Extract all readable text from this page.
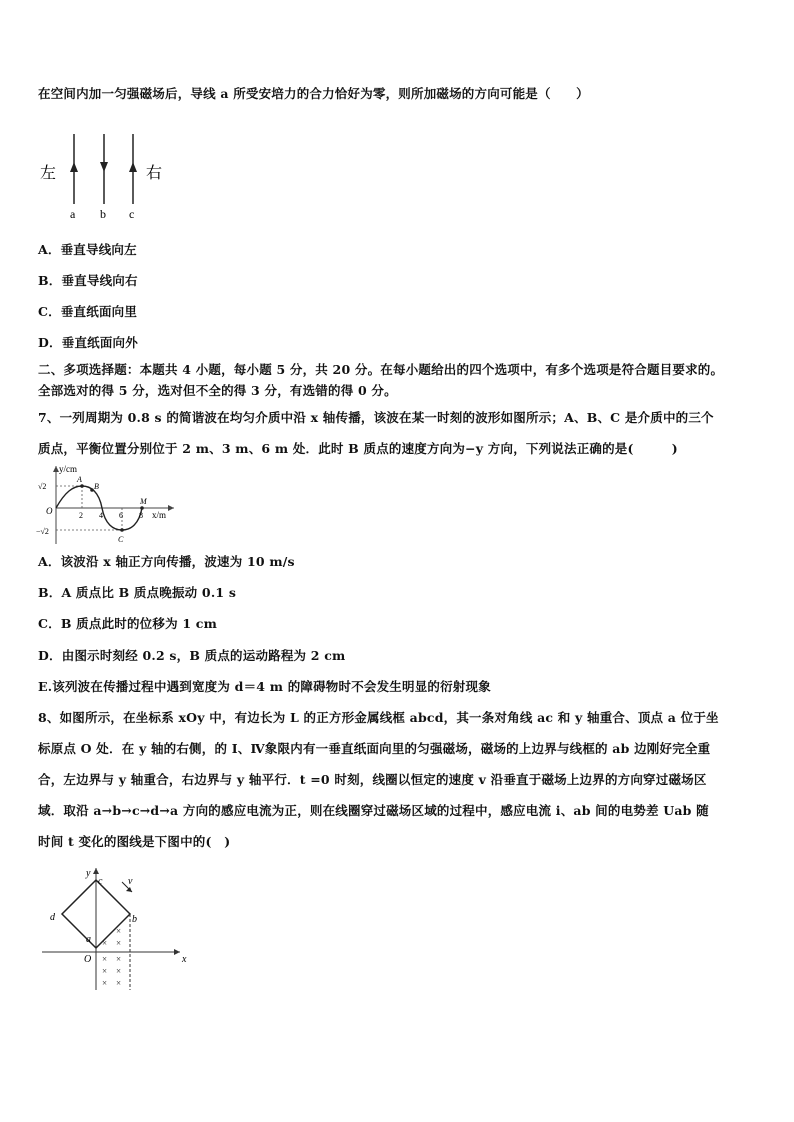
在空间内加一匀强磁场后，导线 a 所受安培力的合力恰好为零，则所加磁场的方向可能是（　　）
左	右
a b c
A．垂直导线向左
B．垂直导线向右
C．垂直纸面向里
D．垂直纸面向外
二、多项选择题：本题共 4 小题，每小题 5 分，共 20 分。在每小题给出的四个选项中，有多个选项是符合题目要求的。
全部选对的得 5 分，选对但不全的得 3 分，有选错的得 0 分。
7、一列周期为 0.8 s 的简谐波在均匀介质中沿 x 轴传播，该波在某一时刻的波形如图所示；A、B、C 是介质中的三个
质点，平衡位置分别位于 2 m、3 m、6 m 处．此时 B 质点的速度方向为−y 方向，下列说法正确的是(　　　)
y/cm
x/m
√2
−√2
O	2 4 6 8
A
B
C
M
A．该波沿 x 轴正方向传播，波速为 10 m/s
B．A 质点比 B 质点晚振动 0.1 s
C．B 质点此时的位移为 1 cm
D．由图示时刻经 0.2 s，B 质点的运动路程为 2 cm
E.该列波在传播过程中遇到宽度为 d＝4 m 的障碍物时不会发生明显的衍射现象
8、如图所示，在坐标系 xOy 中，有边长为 L 的正方形金属线框 abcd，其一条对角线 ac 和 y 轴重合、顶点 a 位于坐
标原点 O 处．在 y 轴的右侧，的 Ⅰ、Ⅳ象限内有一垂直纸面向里的匀强磁场，磁场的上边界与线框的 ab 边刚好完全重
合，左边界与 y 轴重合，右边界与 y 轴平行．t =0 时刻，线圈以恒定的速度 v 沿垂直于磁场上边界的方向穿过磁场区
域．取沿 a→b→c→d→a 方向的感应电流为正，则在线圈穿过磁场区域的过程中，感应电流 i、ab 间的电势差 Uab 随
时间 t 变化的图线是下图中的(　)
y
x
O
a
b
c
d
v
×
×
×
× ×
× ×
× ×
